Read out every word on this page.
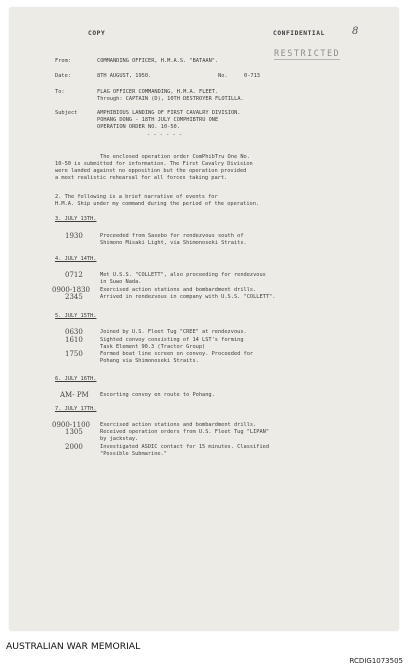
COPY	CONFIDENTIAL	8
RESTRICTED
From:	COMMANDING OFFICER, H.M.A.S. "BATAAN".
Date:	8TH AUGUST, 1950.	No.	0-713
To:	FLAG OFFICER COMMANDING, H.M.A. FLEET.
Through: CAPTAIN (D), 10TH DESTROYER FLOTILLA.
Subject	AMPHIBIOUS LANDING OF FIRST CAVALRY DIVISION.
POHANG DONG - 18TH JULY COMPHIBTRU ONE
OPERATION ORDER NO. 10-50.
- - - - - -
The enclosed operation order ComPhibTru One No.
10-50 is submitted for information. The First Cavalry Division
were landed against no opposition but the operation provided
a most realistic rehearsal for all forces taking part.
2. The following is a brief narrative of events for
H.M.A. Ship under my command during the period of the operation.
3. JULY 13TH.
1930	Proceeded from Sasebo for rendezvous south of
Shimono Misaki Light, via Shimonoseki Straits.
4. JULY 14TH.
0712	Met U.S.S. "COLLETT", also proceeding for rendezvous
in Suwo Nada.
0900-1830 Exercised action stations and bombardment drills.
2345	Arrived in rendezvous in company with U.S.S. "COLLETT".
5. JULY 15TH.
0630	Joined by U.S. Fleet Tug "CREE" at rendezvous.
1610	Sighted convoy consisting of 14 LST's forming
Task Element 90.3 (Tractor Group)
1750	Formed boat line screen on convoy. Proceeded for
Pohang via Shimonoseki Straits.
6. JULY 16TH.
AM- PM Escorting convoy en route to Pohang.
7. JULY 17TH.
0900-1100 Exercised action stations and bombardment drills.
1305	Received operation orders from U.S. Fleet Tug "LIPAN"
by jackstay.
2000	Investigated ASDIC contact for 15 minutes. Classified
"Possible Submarine."
AUSTRALIAN WAR MEMORIAL
RCDIG1073505
